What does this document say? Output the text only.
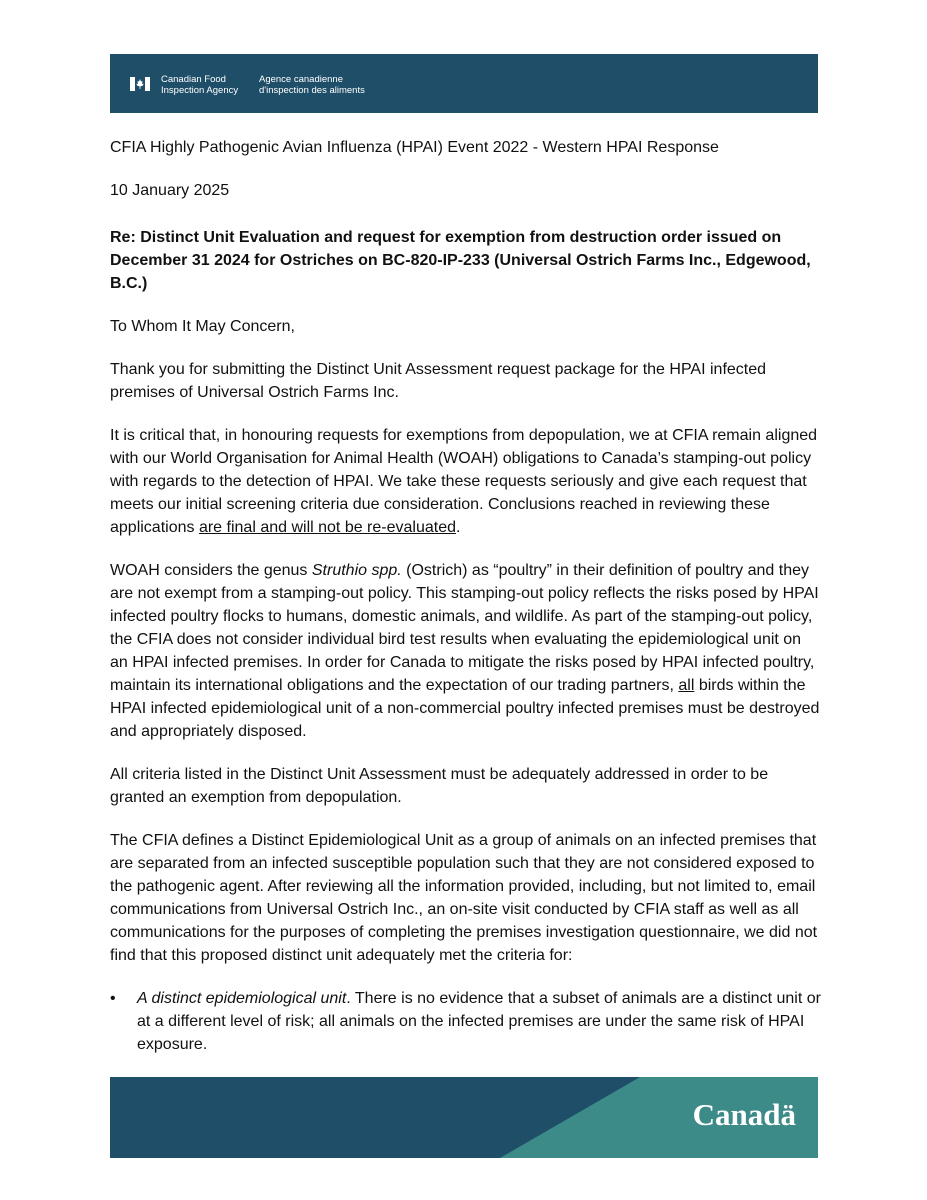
Canadian Food
Inspection Agency
Agence canadienne
d'inspection des aliments

CFIA Highly Pathogenic Avian Influenza (HPAI) Event 2022 - Western HPAI Response

10 January 2025

Re: Distinct Unit Evaluation and request for exemption from destruction order issued on December 31 2024 for Ostriches on BC-820-IP-233 (Universal Ostrich Farms Inc., Edgewood, B.C.)

To Whom It May Concern,

Thank you for submitting the Distinct Unit Assessment request package for the HPAI infected premises of Universal Ostrich Farms Inc.

It is critical that, in honouring requests for exemptions from depopulation, we at CFIA remain aligned with our World Organisation for Animal Health (WOAH) obligations to Canada’s stamping-out policy with regards to the detection of HPAI. We take these requests seriously and give each request that meets our initial screening criteria due consideration. Conclusions reached in reviewing these applications are final and will not be re-evaluated.

WOAH considers the genus Struthio spp. (Ostrich) as “poultry” in their definition of poultry and they are not exempt from a stamping-out policy. This stamping-out policy reflects the risks posed by HPAI infected poultry flocks to humans, domestic animals, and wildlife. As part of the stamping-out policy, the CFIA does not consider individual bird test results when evaluating the epidemiological unit on an HPAI infected premises. In order for Canada to mitigate the risks posed by HPAI infected poultry, maintain its international obligations and the expectation of our trading partners, all birds within the HPAI infected epidemiological unit of a non-commercial poultry infected premises must be destroyed and appropriately disposed.

All criteria listed in the Distinct Unit Assessment must be adequately addressed in order to be granted an exemption from depopulation.

The CFIA defines a Distinct Epidemiological Unit as a group of animals on an infected premises that are separated from an infected susceptible population such that they are not considered exposed to the pathogenic agent. After reviewing all the information provided, including, but not limited to, email communications from Universal Ostrich Inc., an on-site visit conducted by CFIA staff as well as all communications for the purposes of completing the premises investigation questionnaire, we did not find that this proposed distinct unit adequately met the criteria for:

• A distinct epidemiological unit. There is no evidence that a subset of animals are a distinct unit or at a different level of risk; all animals on the infected premises are under the same risk of HPAI exposure.
Canadä
